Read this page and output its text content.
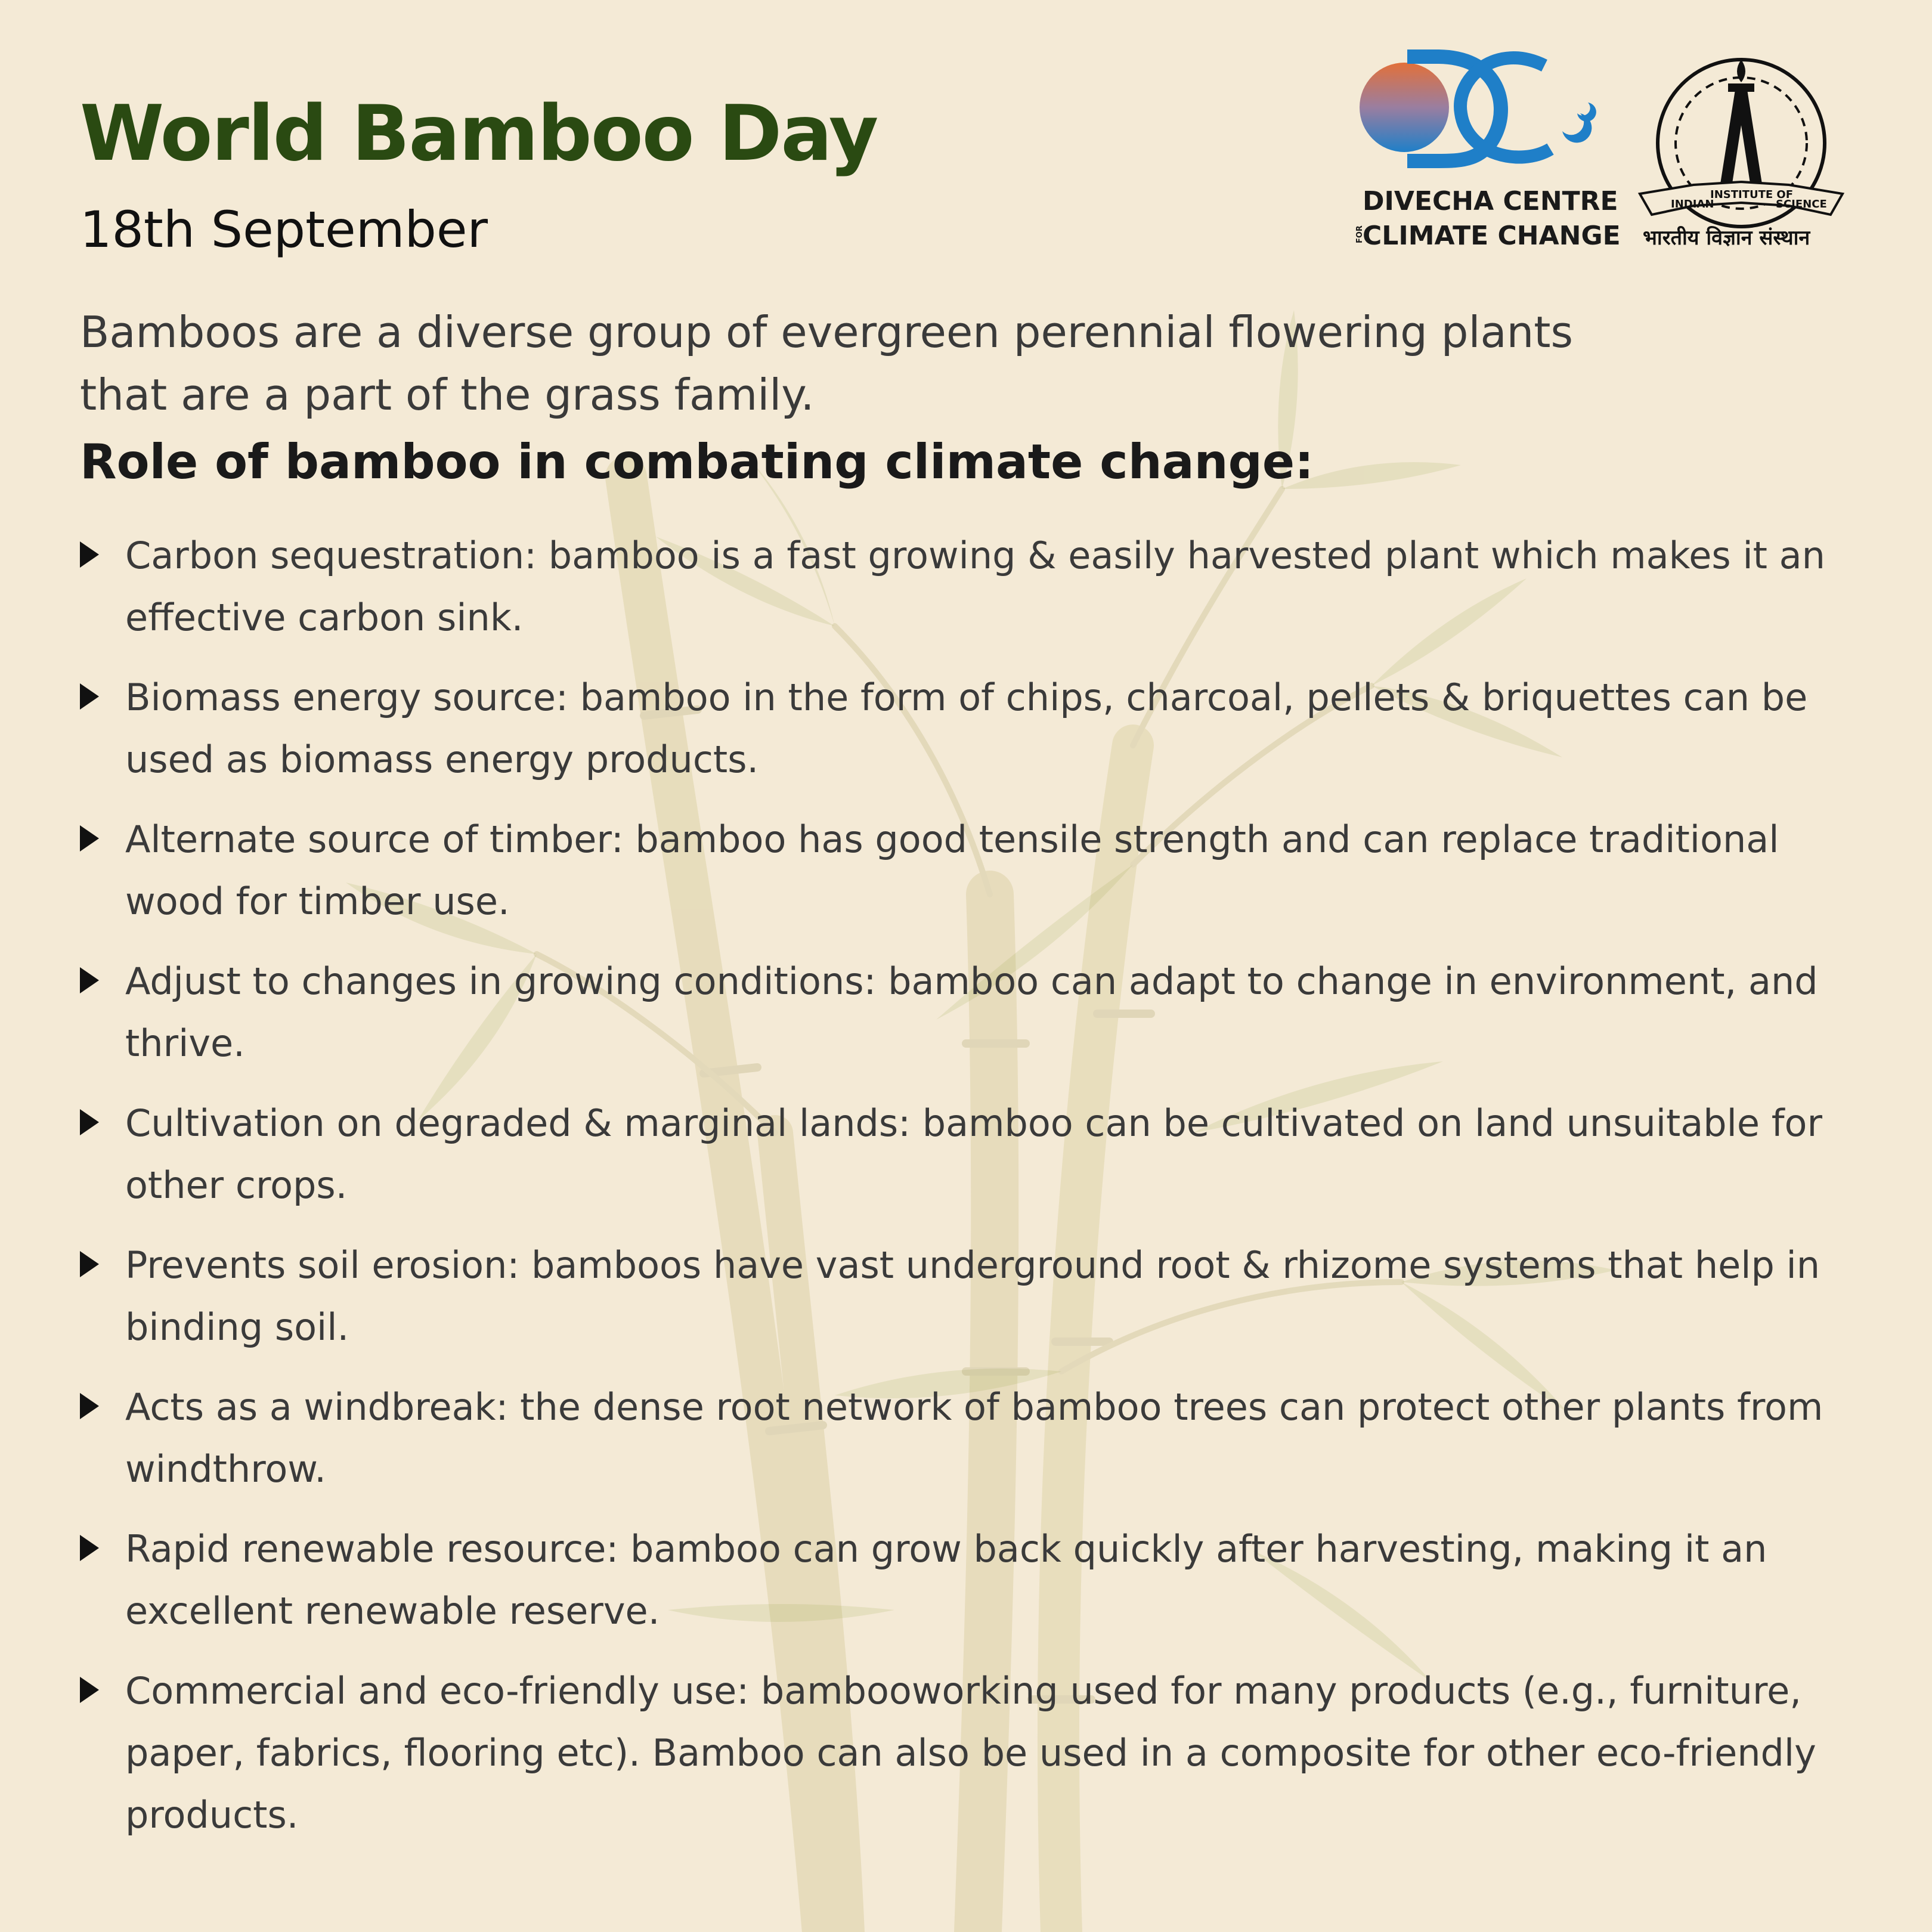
World Bamboo Day
18th September	DIVECHA CENTRE
FOR
CLIMATE CHANGE
INDIAN
INSTITUTE OF
SCIENCE
भारतीय विज्ञान संस्थान
Bamboos are a diverse group of evergreen perennial flowering plants that are a part of the grass family.
Role of bamboo in combating climate change:
Carbon sequestration: bamboo is a fast growing & easily harvested plant which makes it an effective carbon sink.
Biomass energy source: bamboo in the form of chips, charcoal, pellets & briquettes can be used as biomass energy products.
Alternate source of timber: bamboo has good tensile strength and can replace traditional wood for timber use.
Adjust to changes in growing conditions: bamboo can adapt to change in environment, and thrive.
Cultivation on degraded & marginal lands: bamboo can be cultivated on land unsuitable for other crops.
Prevents soil erosion: bamboos have vast underground root & rhizome systems that help in binding soil.
Acts as a windbreak: the dense root network of bamboo trees can protect other plants from windthrow.
Rapid renewable resource: bamboo can grow back quickly after harvesting, making it an excellent renewable reserve.
Commercial and eco-friendly use: bambooworking used for many products (e.g., furniture, paper, fabrics, flooring etc). Bamboo can also be used in a composite for other eco-friendly products.
